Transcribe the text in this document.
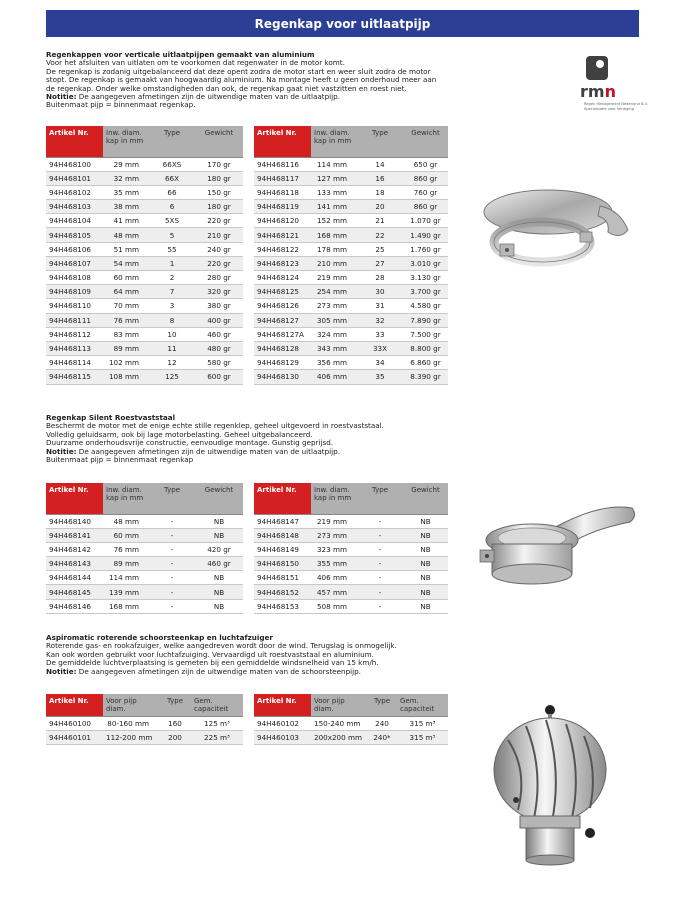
Regenkap voor uitlaatpijp
rmn
Regen Management Nederland B.V.
Specialisatie voor Verdiging
Regenkappen voor verticale uitlaatpijpen gemaakt van aluminium
Voor het afsluiten van uitlaten om te voorkomen dat regenwater in de motor komt.
De regenkap is zodanig uitgebalanceerd dat deze opent zodra de motor start en weer sluit zodra de motor
stopt. De regenkap is gemaakt van hoogwaardig aluminium. Na montage heeft u geen onderhoud meer aan
de regenkap. Onder welke omstandigheden dan ook, de regenkap gaat niet vastzitten en roest niet.
Notitie: De aangegeven afmetingen zijn de uitwendige maten van de uitlaatpijp.
Buitenmaat pijp = binnenmaat regenkap.
Artikel Nr.	Inw. diam. kap in mm	Type	Gewicht
94H468100	29 mm	66XS	170 gr
94H468101	32 mm	66X	180 gr
94H468102	35 mm	66	150 gr
94H468103	38 mm	6	180 gr
94H468104	41 mm	5XS	220 gr
94H468105	48 mm	5	210 gr
94H468106	51 mm	55	240 gr
94H468107	54 mm	1	220 gr
94H468108	60 mm	2	280 gr
94H468109	64 mm	7	320 gr
94H468110	70 mm	3	380 gr
94H468111	76 mm	8	400 gr
94H468112	83 mm	10	460 gr
94H468113	89 mm	11	480 gr
94H468114	102 mm	12	580 gr
94H468115	108 mm	125	600 gr
Artikel Nr.	Inw. diam. kap in mm	Type	Gewicht
94H468116	114 mm	14	650 gr
94H468117	127 mm	16	860 gr
94H468118	133 mm	18	760 gr
94H468119	141 mm	20	860 gr
94H468120	152 mm	21	1.070 gr
94H468121	168 mm	22	1.490 gr
94H468122	178 mm	25	1.760 gr
94H468123	210 mm	27	3.010 gr
94H468124	219 mm	28	3.130 gr
94H468125	254 mm	30	3.700 gr
94H468126	273 mm	31	4.580 gr
94H468127	305 mm	32	7.890 gr
94H468127A	324 mm	33	7.500 gr
94H468128	343 mm	33X	8.800 gr
94H468129	356 mm	34	6.860 gr
94H468130	406 mm	35	8.390 gr
Regenkap Silent Roestvaststaal
Beschermt de motor met de enige echte stille regenklep, geheel uitgevoerd in roestvaststaal.
Volledig geluidsarm, ook bij lage motorbelasting. Geheel uitgebalanceerd.
Duurzame onderhoudsvrije constructie, eenvoudige montage. Gunstig geprijsd.
Notitie: De aangegeven afmetingen zijn de uitwendige maten van de uitlaatpijp.
Buitenmaat pijp = binnenmaat regenkap
Artikel Nr.	Inw. diam. kap in mm	Type	Gewicht
94H468140	48 mm	-	NB
94H468141	60 mm	-	NB
94H468142	76 mm	-	420 gr
94H468143	89 mm	-	460 gr
94H468144	114 mm	-	NB
94H468145	139 mm	-	NB
94H468146	168 mm	-	NB
Artikel Nr.	Inw. diam. kap in mm	Type	Gewicht
94H468147	219 mm	-	NB
94H468148	273 mm	-	NB
94H468149	323 mm	-	NB
94H468150	355 mm	-	NB
94H468151	406 mm	-	NB
94H468152	457 mm	-	NB
94H468153	508 mm	-	NB
Aspiromatic roterende schoorsteenkap en luchtafzuiger
Roterende gas- en rookafzuiger, welke aangedreven wordt door de wind. Terugslag is onmogelijk.
Kan ook worden gebruikt voor luchtafzuiging. Vervaardigd uit roestvaststaal en aluminium.
De gemiddelde luchtverplaatsing is gemeten bij een gemiddelde windsnelheid van 15 km/h.
Notitie: De aangegeven afmetingen zijn de uitwendige maten van de schoorsteenpijp.
Artikel Nr.	Voor pijp diam.	Type	Gem. capaciteit
94H460100	80-160 mm	160	125 m³
94H460101	112-200 mm	200	225 m³
Artikel Nr.	Voor pijp diam.	Type	Gem. capaciteit
94H460102	150-240 mm	240	315 m³
94H460103	200x200 mm	240*	315 m³
